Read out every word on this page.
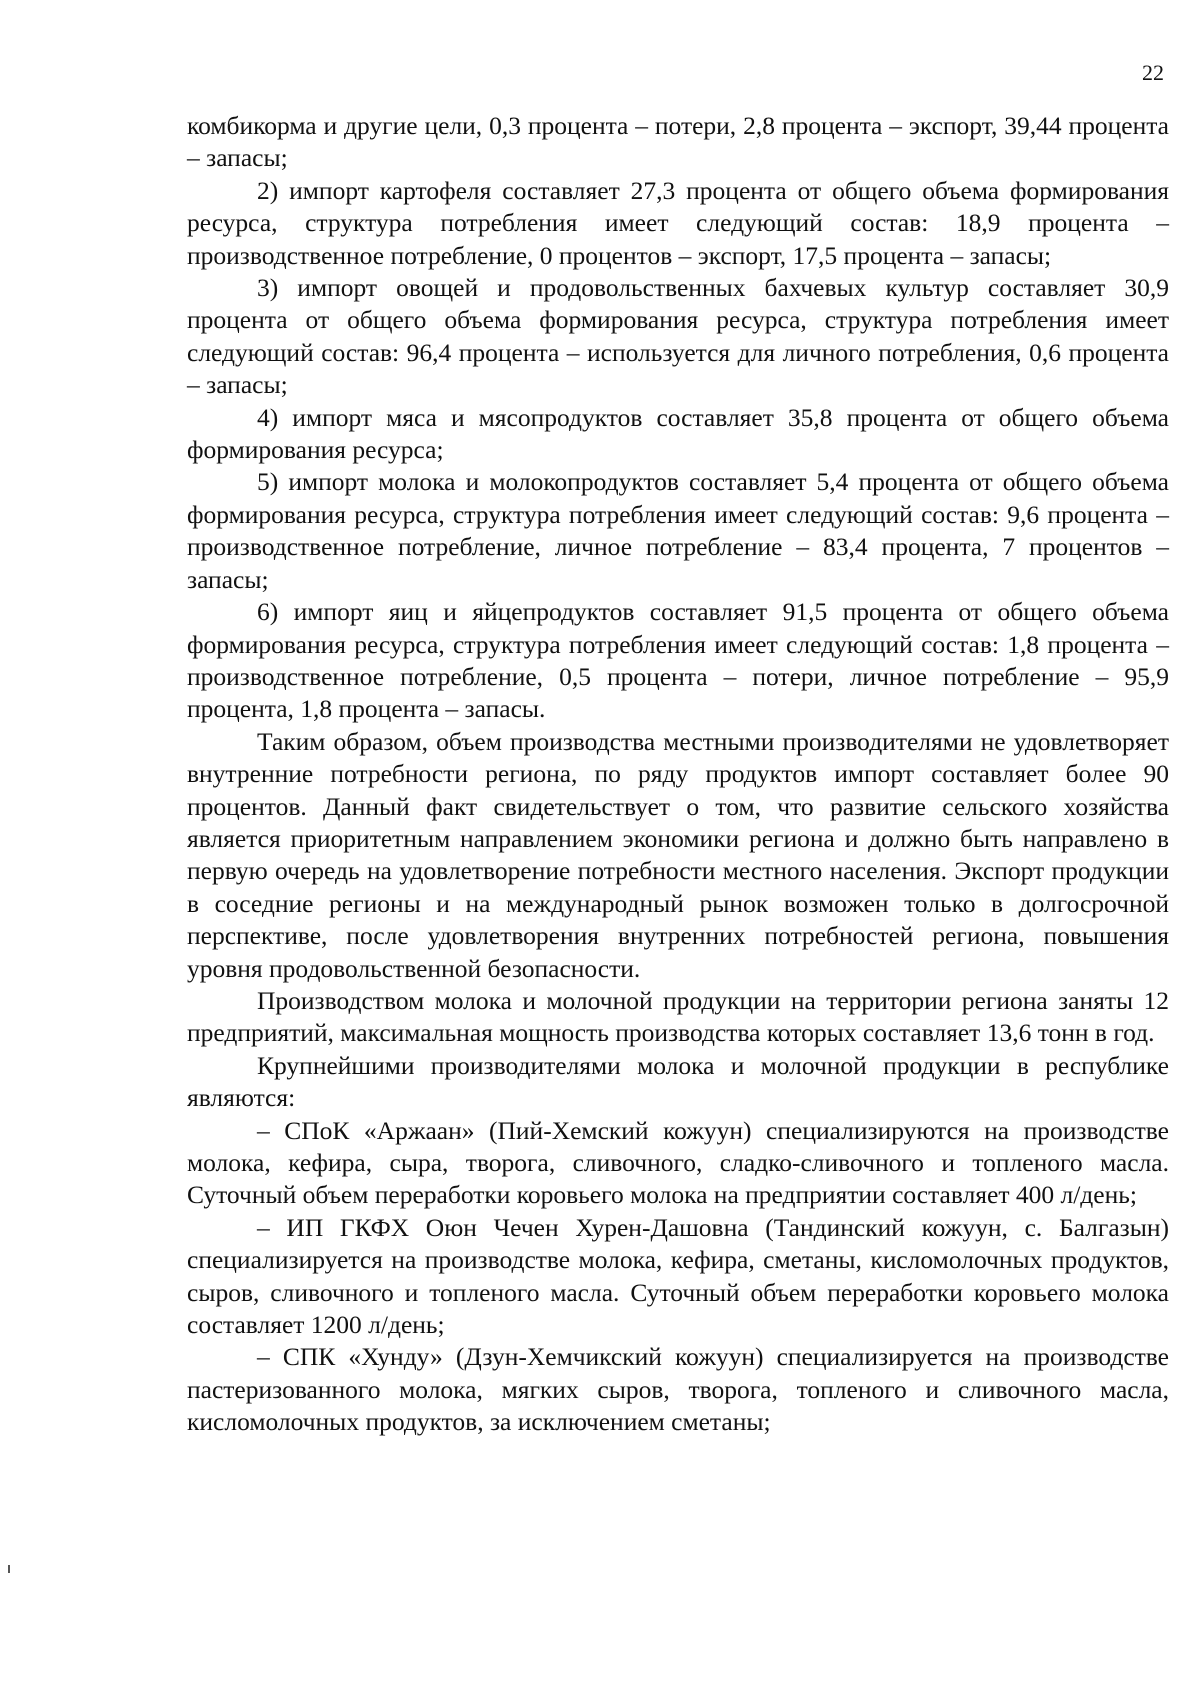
22

комбикорма и другие цели, 0,3 процента – потери, 2,8 процента – экспорт, 39,44 процента – запасы;

2) импорт картофеля составляет 27,3 процента от общего объема формирования ресурса, структура потребления имеет следующий состав: 18,9 процента – производственное потребление, 0 процентов – экспорт, 17,5 процента – запасы;

3) импорт овощей и продовольственных бахчевых культур составляет 30,9 процента от общего объема формирования ресурса, структура потребления имеет следующий состав: 96,4 процента – используется для личного потребления, 0,6 процента – запасы;

4) импорт мяса и мясопродуктов составляет 35,8 процента от общего объема формирования ресурса;

5) импорт молока и молокопродуктов составляет 5,4 процента от общего объема формирования ресурса, структура потребления имеет следующий состав: 9,6 процента – производственное потребление, личное потребление – 83,4 процента, 7 процентов – запасы;

6) импорт яиц и яйцепродуктов составляет 91,5 процента от общего объема формирования ресурса, структура потребления имеет следующий состав: 1,8 процента – производственное потребление, 0,5 процента – потери, личное потребление – 95,9 процента, 1,8 процента – запасы.

Таким образом, объем производства местными производителями не удовлетворяет внутренние потребности региона, по ряду продуктов импорт составляет более 90 процентов. Данный факт свидетельствует о том, что развитие сельского хозяйства является приоритетным направлением экономики региона и должно быть направлено в первую очередь на удовлетворение потребности местного населения. Экспорт продукции в соседние регионы и на международный рынок возможен только в долгосрочной перспективе, после удовлетворения внутренних потребностей региона, повышения уровня продовольственной безопасности.

Производством молока и молочной продукции на территории региона заняты 12 предприятий, максимальная мощность производства которых составляет 13,6 тонн в год.

Крупнейшими производителями молока и молочной продукции в республике являются:

– СПоК «Аржаан» (Пий-Хемский кожуун) специализируются на производстве молока, кефира, сыра, творога, сливочного, сладко-сливочного и топленого масла. Суточный объем переработки коровьего молока на предприятии составляет 400 л/день;

– ИП ГКФХ Оюн Чечен Хурен-Дашовна (Тандинский кожуун, с. Балгазын) специализируется на производстве молока, кефира, сметаны, кисломолочных продуктов, сыров, сливочного и топленого масла. Суточный объем переработки коровьего молока составляет 1200 л/день;

– СПК «Хунду» (Дзун-Хемчикский кожуун) специализируется на производстве пастеризованного молока, мягких сыров, творога, топленого и сливочного масла, кисломолочных продуктов, за исключением сметаны;
